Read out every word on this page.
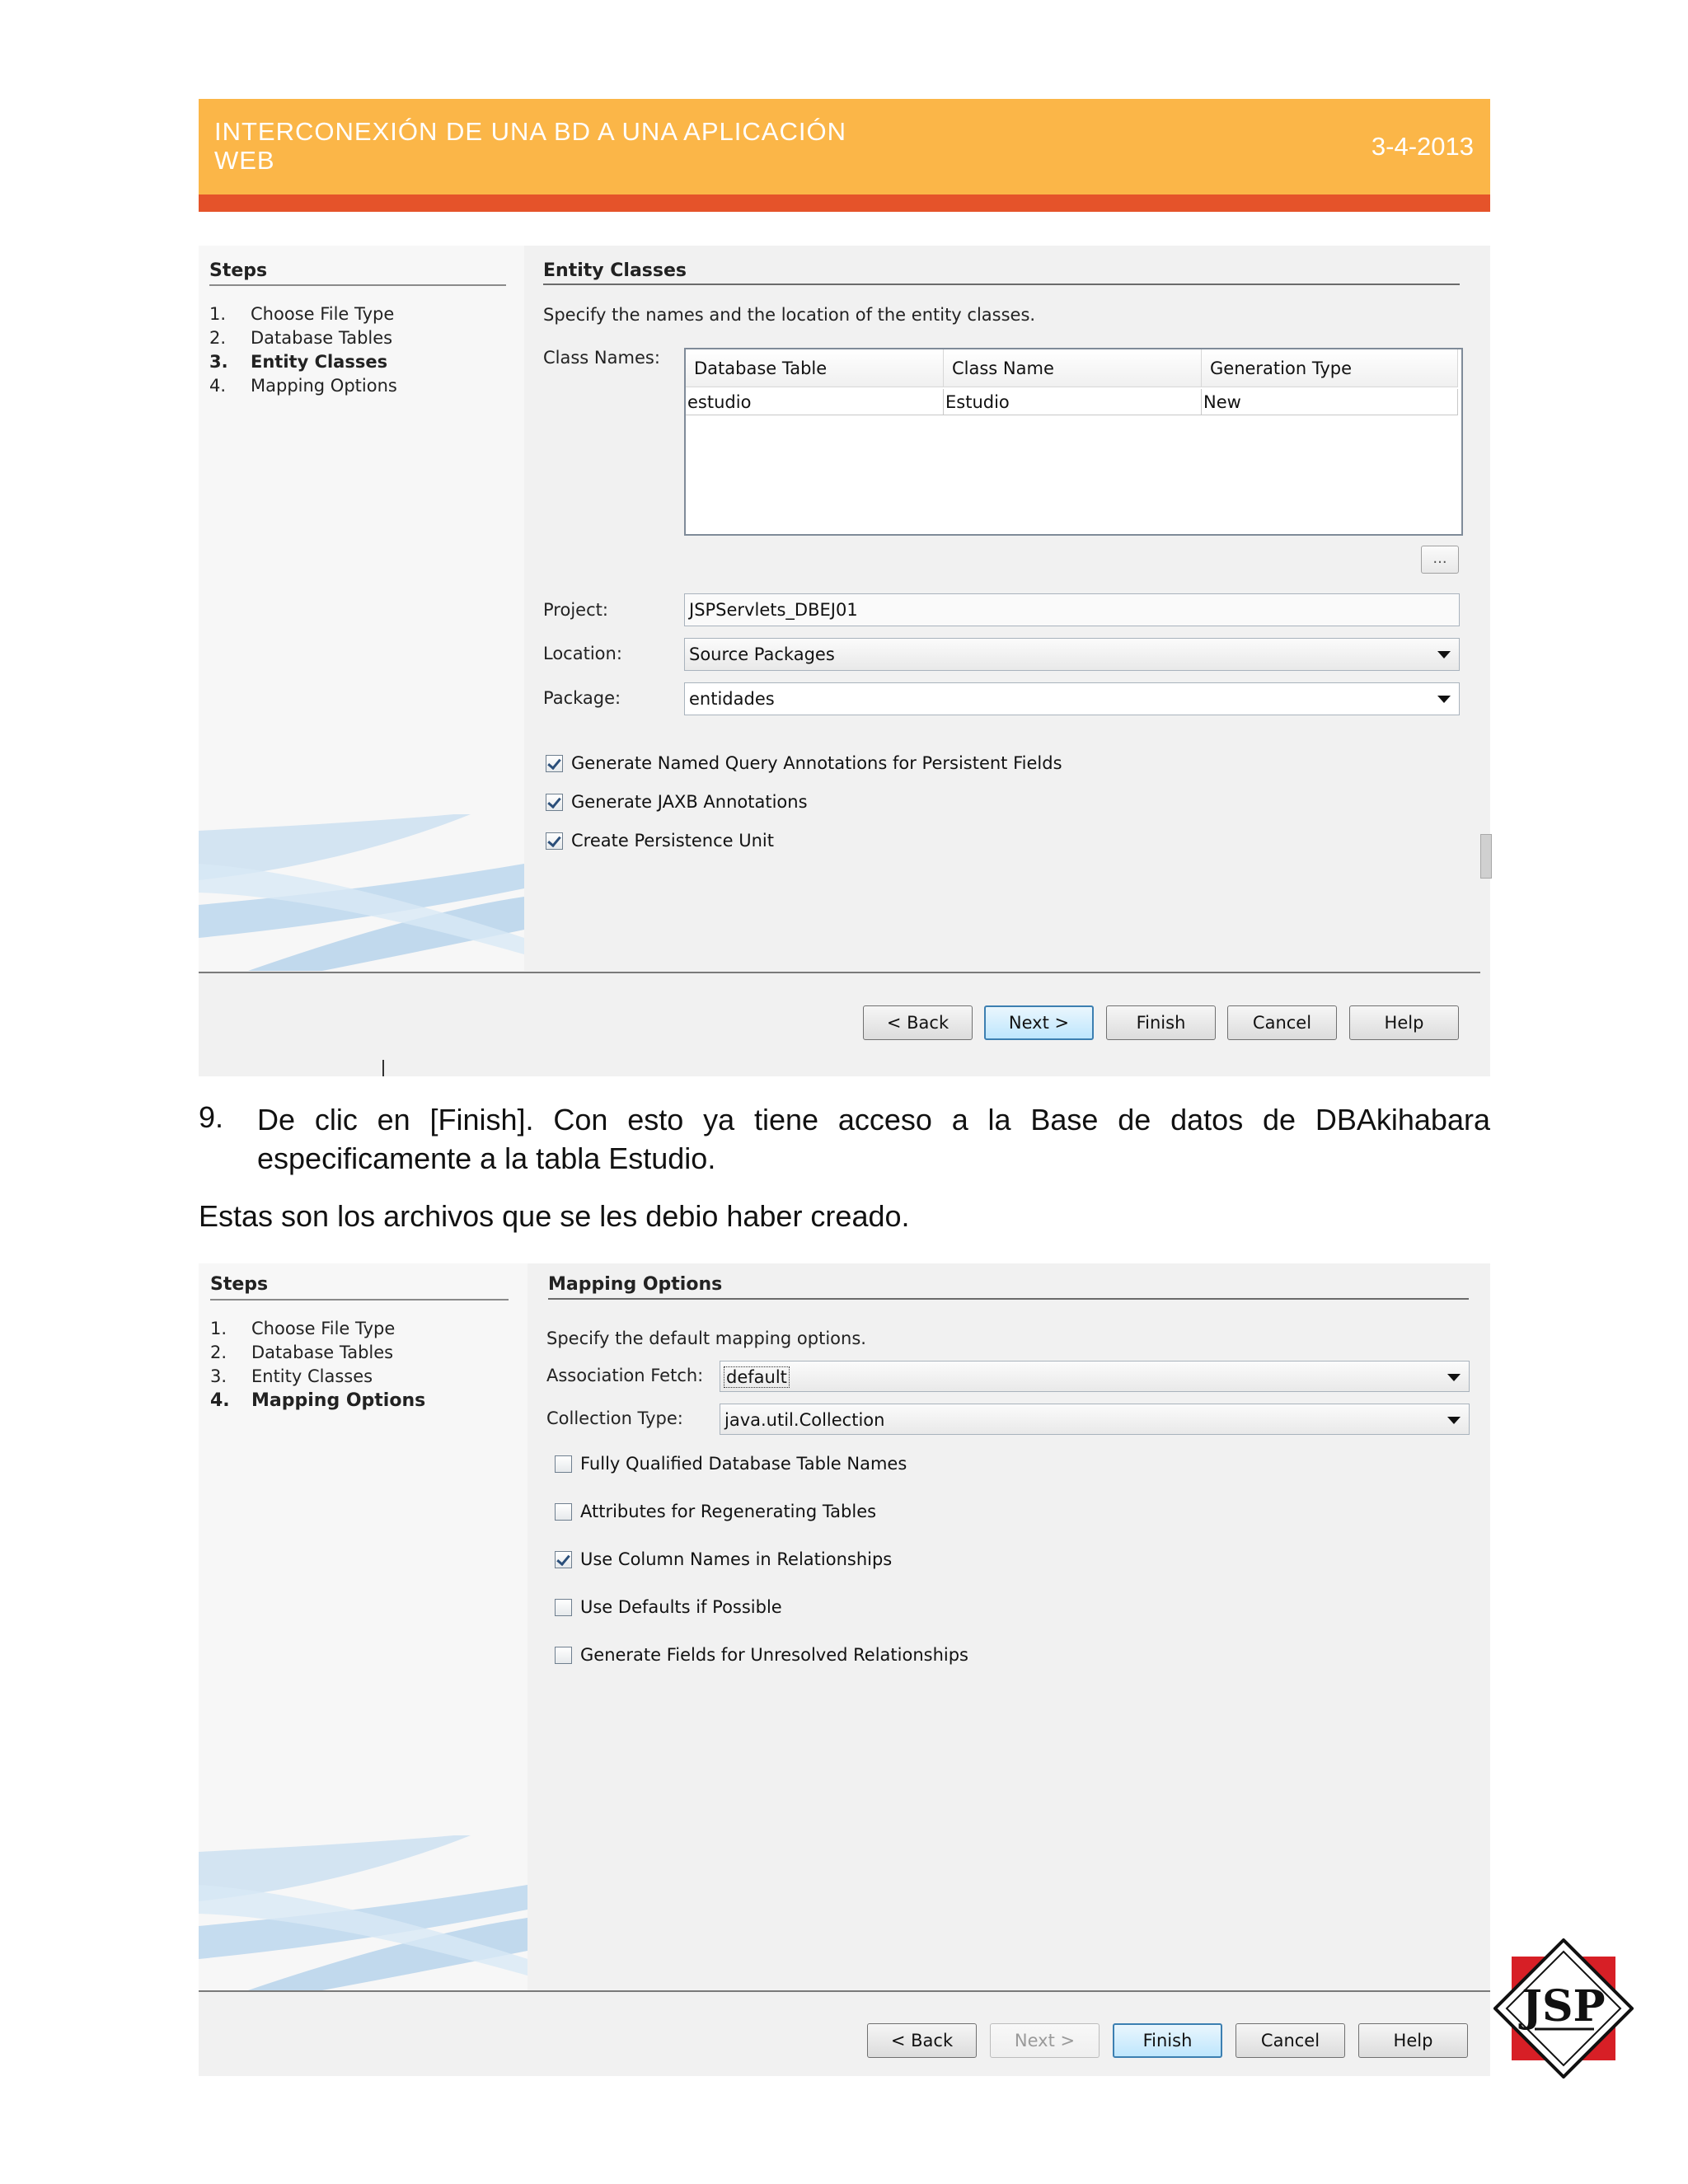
INTERCONEXIÓN DE UNA BD A UNA APLICACIÓN
WEB	3-4-2013
Steps
1.	Choose File Type
2.	Database Tables
3.	Entity Classes
4.	Mapping Options
Entity Classes
Specify the names and the location of the entity classes.
Class Names:
Database Table	Class Name	Generation Type
estudio	Estudio	New
...
Project:	JSPServlets_DBEJ01
Location:	Source Packages
Package:	entidades
Generate Named Query Annotations for Persistent Fields
Generate JAXB Annotations
Create Persistence Unit
< Back	Next >	Finish	Cancel	Help
9. De clic en [Finish]. Con esto ya tiene acceso a la Base de datos de DBAkihabara especificamente a la tabla Estudio.
Estas son los archivos que se les debio haber creado.
Steps
1.	Choose File Type
2.	Database Tables
3.	Entity Classes
4.	Mapping Options
Mapping Options
Specify the default mapping options.
Association Fetch:	default
Collection Type: java.util.Collection
Fully Qualified Database Table Names
Attributes for Regenerating Tables
Use Column Names in Relationships
Use Defaults if Possible
Generate Fields for Unresolved Relationships
< Back	Next >	Finish	Cancel	Help
JSP
